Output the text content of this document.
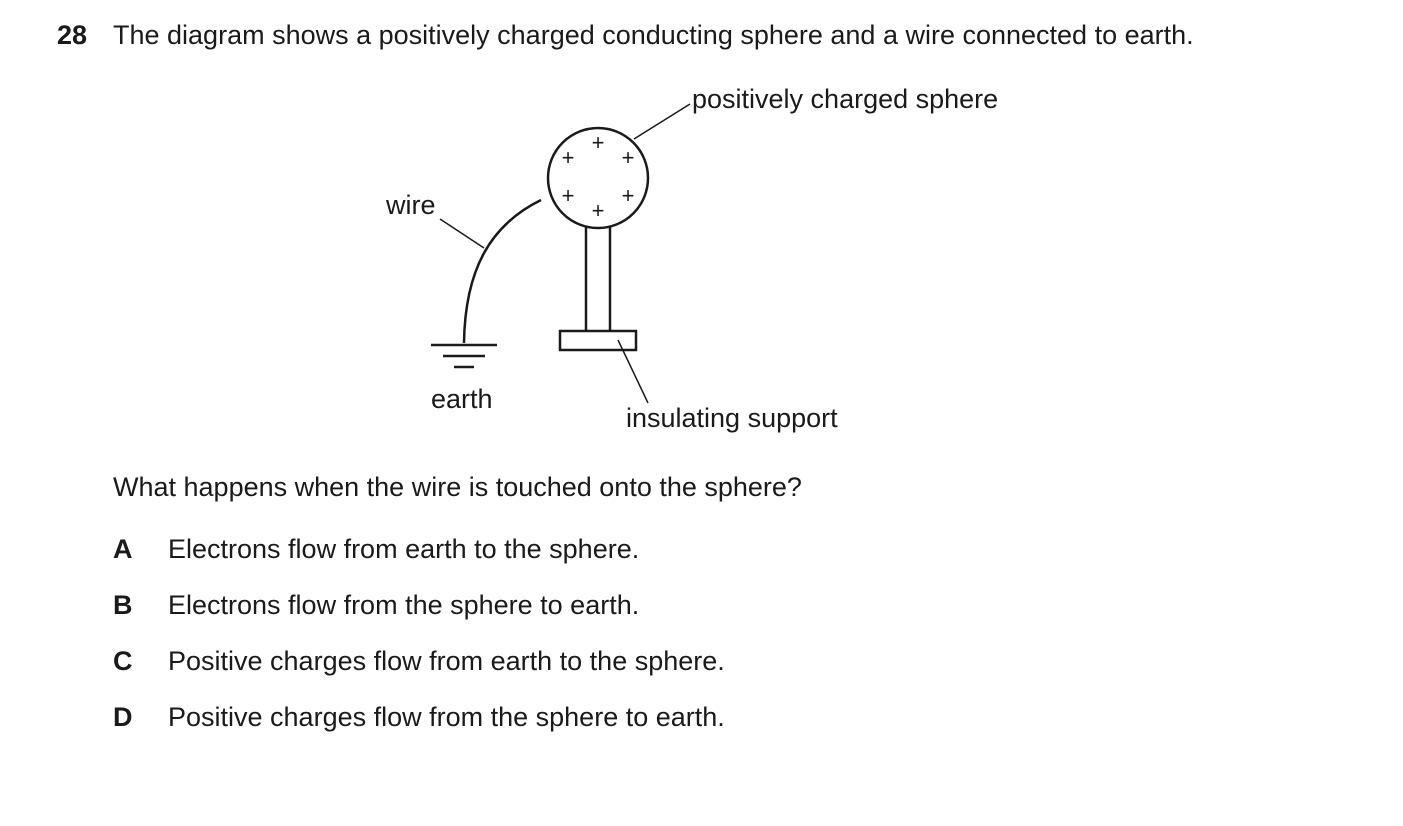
28 The diagram shows a positively charged conducting sphere and a wire connected to earth.
+
+ +
+ +
+
positively charged sphere
wire
earth
insulating support
What happens when the wire is touched onto the sphere?
A Electrons flow from earth to the sphere.
B Electrons flow from the sphere to earth.
C Positive charges flow from earth to the sphere.
D Positive charges flow from the sphere to earth.
